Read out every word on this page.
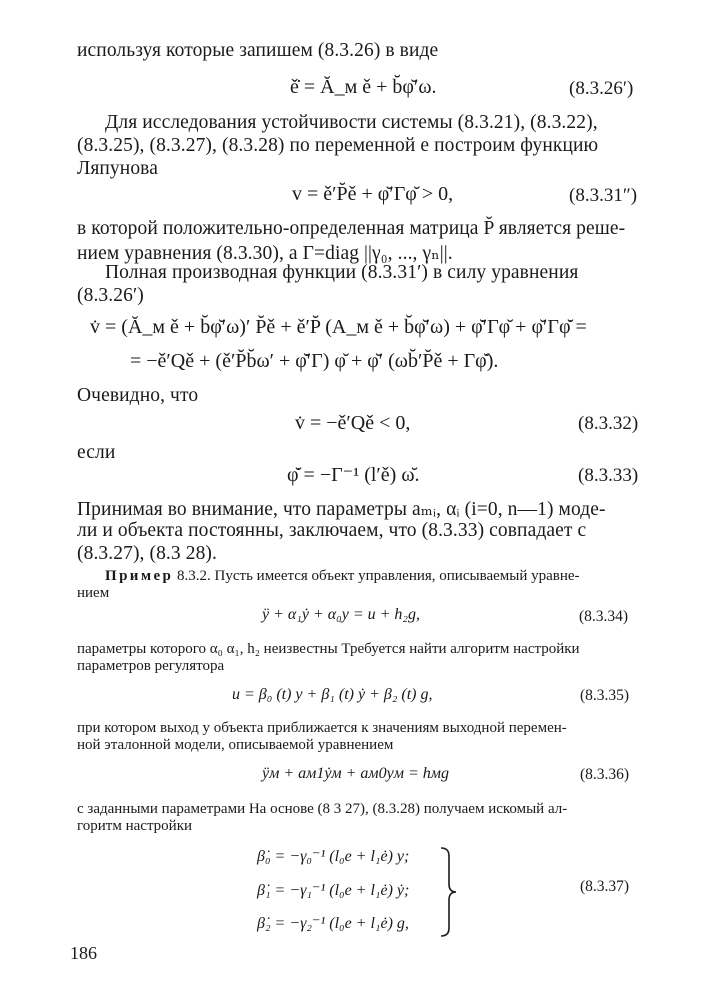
используя которые запишем (8.3.26) в виде
ě̇ = Ă_м ě + b̆φ̆′ω.	(8.3.26′)
Для исследования устойчивости системы (8.3.21), (8.3.22),
(8.3.25), (8.3.27), (8.3.28) по переменной e построим функцию
Ляпунова
v = ě′P̆ě + φ̆′Γφ̆ > 0,	(8.3.31″)
в которой положительно-определенная матрица P̆ является реше-
нием уравнения (8.3.30), а Γ=diag ||γ₀, ..., γₙ||.
Полная производная функции (8.3.31′) в силу уравнения
(8.3.26′)
v̇ = (Ă_м ě + b̆φ̆′ω)′ P̆ě + ě′P̆ (A_м ě + b̆φ̆′ω) + φ̆̇′Γφ̆ + φ̆′Γφ̆̇ =
= −ě′Qě + (ě′P̆b̆ω′ + φ̆̇′Γ) φ̆ + φ̆′ (ωb̆′P̆ě + Γφ̆̇).
Очевидно, что
v̇ = −ě′Qě < 0,	(8.3.32)
если
φ̆̇ = −Γ⁻¹ (l′ě) ω̆.	(8.3.33)
Принимая во внимание, что параметры aₘᵢ, αᵢ (i=0, n—1) моде-
ли и объекта постоянны, заключаем, что (8.3.33) совпадает с
(8.3.27), (8.3 28).
Пример 8.3.2. Пусть имеется объект управления, описываемый уравне-
нием
ÿ + α₁ẏ + α₀y = u + h₂g,	(8.3.34)
параметры которого α₀ α₁, h₂ неизвестны Требуется найти алгоритм настройки
параметров регулятора
u = β₀ (t) y + β₁ (t) ẏ + β₂ (t) g,	(8.3.35)
при котором выход y объекта приближается к значениям выходной перемен-
ной эталонной модели, описываемой уравнением
ÿм + aм1ẏм + aм0yм = hмg	(8.3.36)
с заданными параметрами На основе (8 3 27), (8.3.28) получаем искомый ал-
горитм настройки
β̇₀ = −γ₀⁻¹ (l₀e + l₁ė) y;
β̇₁ = −γ₁⁻¹ (l₀e + l₁ė) ẏ;
β̇₂ = −γ₂⁻¹ (l₀e + l₁ė) g,
(8.3.37)
186
